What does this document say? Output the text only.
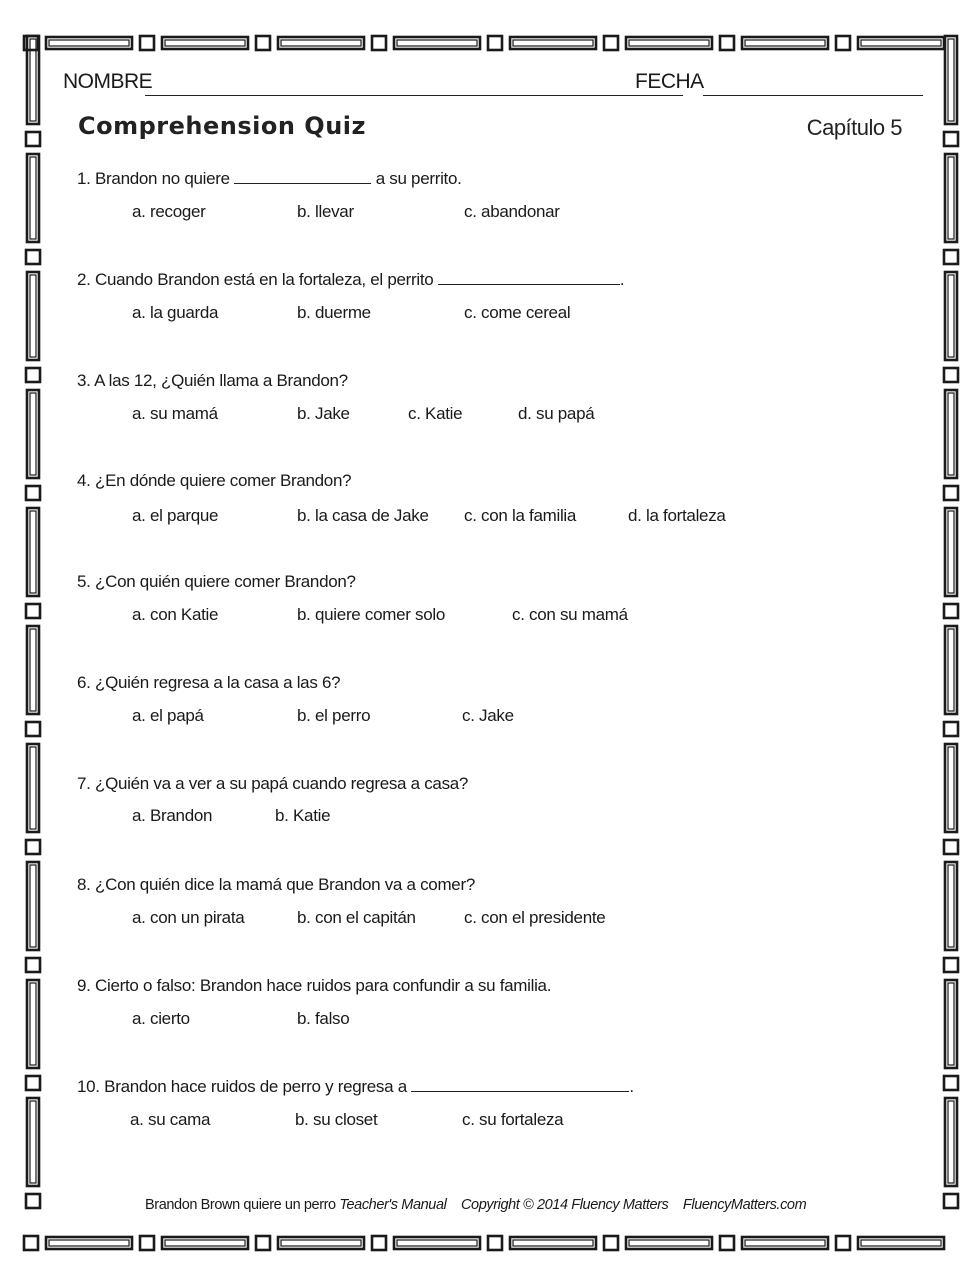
NOMBRE	FECHA
Comprehension Quiz	Capítulo 5
1. Brandon no quiere	a su perrito.
a. recoger	b. llevar	c. abandonar
2. Cuando Brandon está en la fortaleza, el perrito	.
a. la guarda	b. duerme	c. come cereal
3. A las 12, ¿Quién llama a Brandon?
a. su mamá	b. Jake	c. Katie	d. su papá
4. ¿En dónde quiere comer Brandon?
a. el parque	b. la casa de Jake c. con la familia	d. la fortaleza
5. ¿Con quién quiere comer Brandon?
a. con Katie	b. quiere comer solo	c. con su mamá
6. ¿Quién regresa a la casa a las 6?
a. el papá	b. el perro	c. Jake
7. ¿Quién va a ver a su papá cuando regresa a casa?
a. Brandon	b. Katie
8. ¿Con quién dice la mamá que Brandon va a comer?
a. con un pirata	b. con el capitán	c. con el presidente
9. Cierto o falso: Brandon hace ruidos para confundir a su familia.
a. cierto	b. falso
10. Brandon hace ruidos de perro y regresa a	.
a. su cama	b. su closet	c. su fortaleza
Brandon Brown quiere un perro Teacher's Manual Copyright © 2014 Fluency Matters FluencyMatters.com
